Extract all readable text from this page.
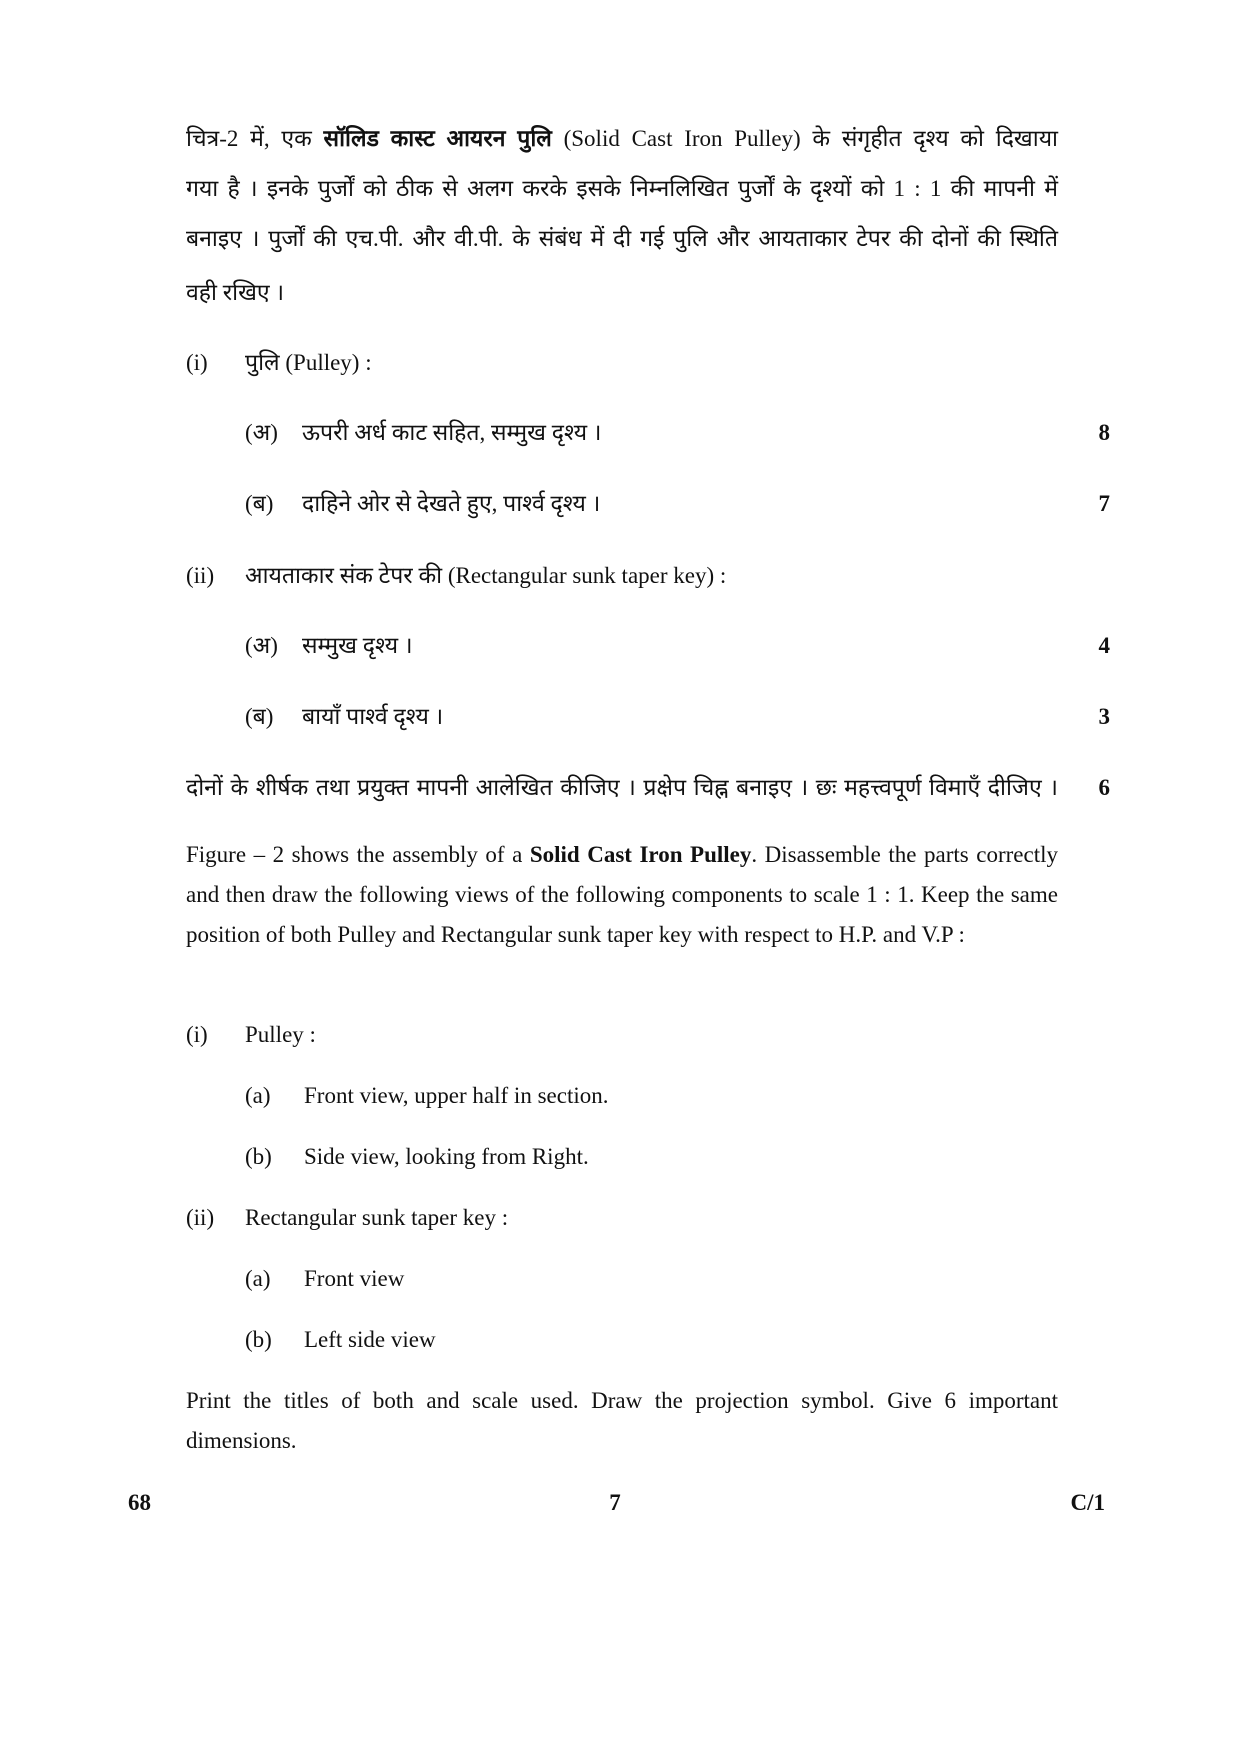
चित्र-2 में, एक सॉलिड कास्ट आयरन पुलि (Solid Cast Iron Pulley) के संगृहीत दृश्य को दिखाया
गया है । इनके पुर्जों को ठीक से अलग करके इसके निम्नलिखित पुर्जों के दृश्यों को 1 : 1 की मापनी में
बनाइए । पुर्जों की एच.पी. और वी.पी. के संबंध में दी गई पुलि और आयताकार टेपर की दोनों की स्थिति
वही रखिए ।
(i) पुलि (Pulley) :
(अ) ऊपरी अर्ध काट सहित, सम्मुख दृश्य ।	8
(ब) दाहिने ओर से देखते हुए, पार्श्व दृश्य ।	7
(ii) आयताकार संक टेपर की (Rectangular sunk taper key) :
(अ) सम्मुख दृश्य ।	4
(ब) बायाँ पार्श्व दृश्य ।	3
दोनों के शीर्षक तथा प्रयुक्त मापनी आलेखित कीजिए । प्रक्षेप चिह्न बनाइए । छः महत्त्वपूर्ण विमाएँ दीजिए । 6

Figure – 2 shows the assembly of a Solid Cast Iron Pulley. Disassemble the parts correctly and then draw the following views of the following components to scale 1 : 1. Keep the same position of both Pulley and Rectangular sunk taper key with respect to H.P. and V.P :

(i) Pulley :
(a) Front view, upper half in section.
(b) Side view, looking from Right.
(ii) Rectangular sunk taper key :
(a) Front view
(b) Left side view
Print the titles of both and scale used. Draw the projection symbol. Give 6 important dimensions.
68	7	C/1
